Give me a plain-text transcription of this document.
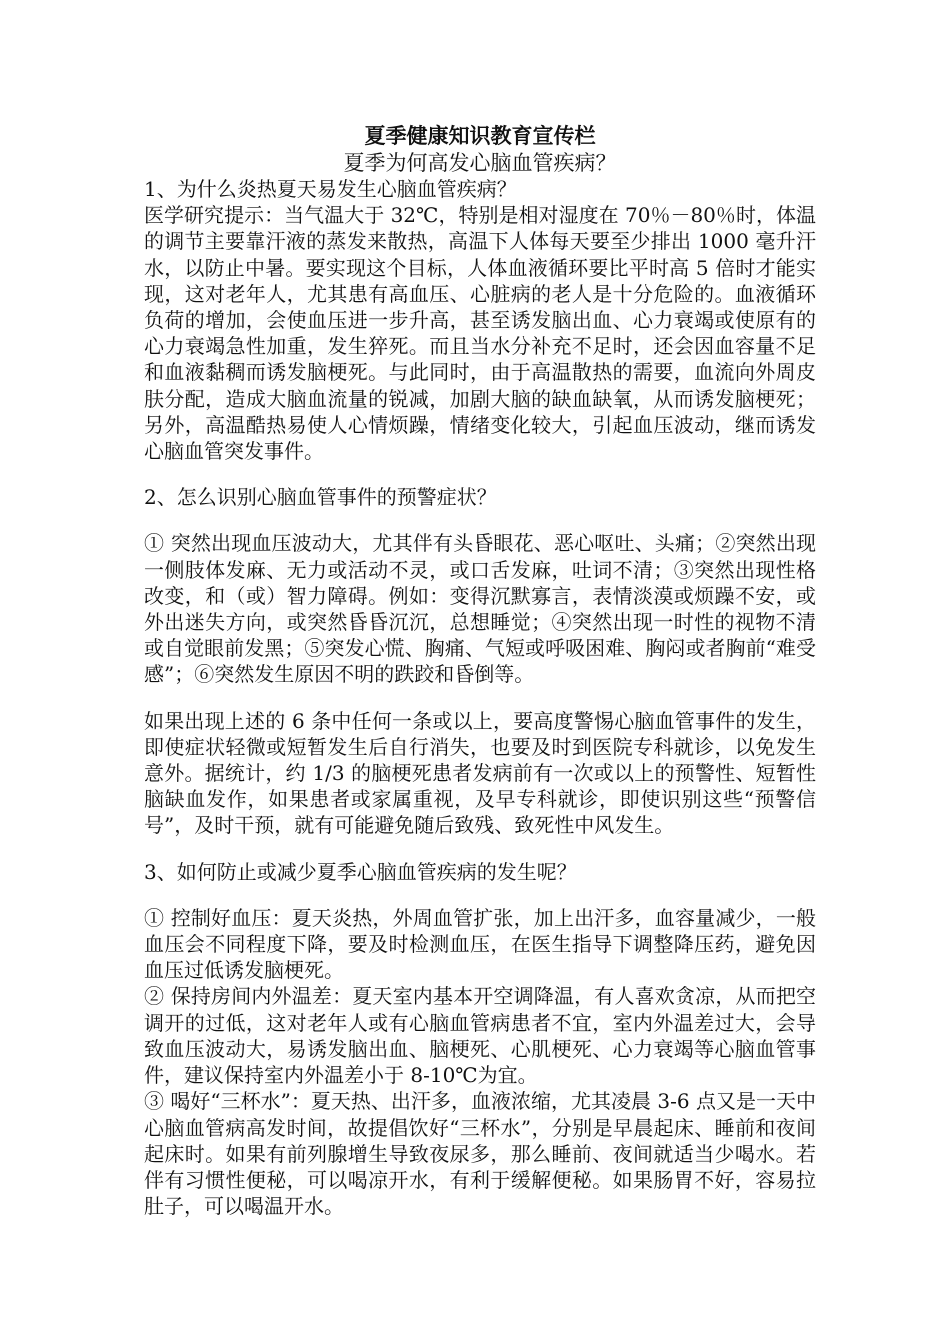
夏季健康知识教育宣传栏

夏季为何高发心脑血管疾病？

1、为什么炎热夏天易发生心脑血管疾病？

医学研究提示：当气温大于 32℃，特别是相对湿度在 70％－80％时，体温的调节主要靠汗液的蒸发来散热，高温下人体每天要至少排出 1000 毫升汗水，以防止中暑。要实现这个目标，人体血液循环要比平时高 5 倍时才能实现，这对老年人，尤其患有高血压、心脏病的老人是十分危险的。血液循环负荷的增加，会使血压进一步升高，甚至诱发脑出血、心力衰竭或使原有的心力衰竭急性加重，发生猝死。而且当水分补充不足时，还会因血容量不足和血液黏稠而诱发脑梗死。与此同时，由于高温散热的需要，血流向外周皮肤分配，造成大脑血流量的锐减，加剧大脑的缺血缺氧，从而诱发脑梗死；另外，高温酷热易使人心情烦躁，情绪变化较大，引起血压波动，继而诱发心脑血管突发事件。

2、怎么识别心脑血管事件的预警症状？

① 突然出现血压波动大，尤其伴有头昏眼花、恶心呕吐、头痛；②突然出现一侧肢体发麻、无力或活动不灵，或口舌发麻，吐词不清；③突然出现性格改变，和（或）智力障碍。例如：变得沉默寡言，表情淡漠或烦躁不安，或外出迷失方向，或突然昏昏沉沉，总想睡觉；④突然出现一时性的视物不清或自觉眼前发黑；⑤突发心慌、胸痛、气短或呼吸困难、胸闷或者胸前“难受感”；⑥突然发生原因不明的跌跤和昏倒等。

如果出现上述的 6 条中任何一条或以上，要高度警惕心脑血管事件的发生，即使症状轻微或短暂发生后自行消失，也要及时到医院专科就诊，以免发生意外。据统计，约 1/3 的脑梗死患者发病前有一次或以上的预警性、短暂性脑缺血发作，如果患者或家属重视，及早专科就诊，即使识别这些“预警信号”，及时干预，就有可能避免随后致残、致死性中风发生。

3、如何防止或减少夏季心脑血管疾病的发生呢？

① 控制好血压：夏天炎热，外周血管扩张，加上出汗多，血容量减少，一般血压会不同程度下降，要及时检测血压，在医生指导下调整降压药，避免因血压过低诱发脑梗死。

② 保持房间内外温差：夏天室内基本开空调降温，有人喜欢贪凉，从而把空调开的过低，这对老年人或有心脑血管病患者不宜，室内外温差过大，会导致血压波动大，易诱发脑出血、脑梗死、心肌梗死、心力衰竭等心脑血管事件，建议保持室内外温差小于 8-10℃为宜。

③ 喝好“三杯水”：夏天热、出汗多，血液浓缩，尤其凌晨 3-6 点又是一天中心脑血管病高发时间，故提倡饮好“三杯水”，分别是早晨起床、睡前和夜间起床时。如果有前列腺增生导致夜尿多，那么睡前、夜间就适当少喝水。若伴有习惯性便秘，可以喝凉开水，有利于缓解便秘。如果肠胃不好，容易拉肚子，可以喝温开水。
